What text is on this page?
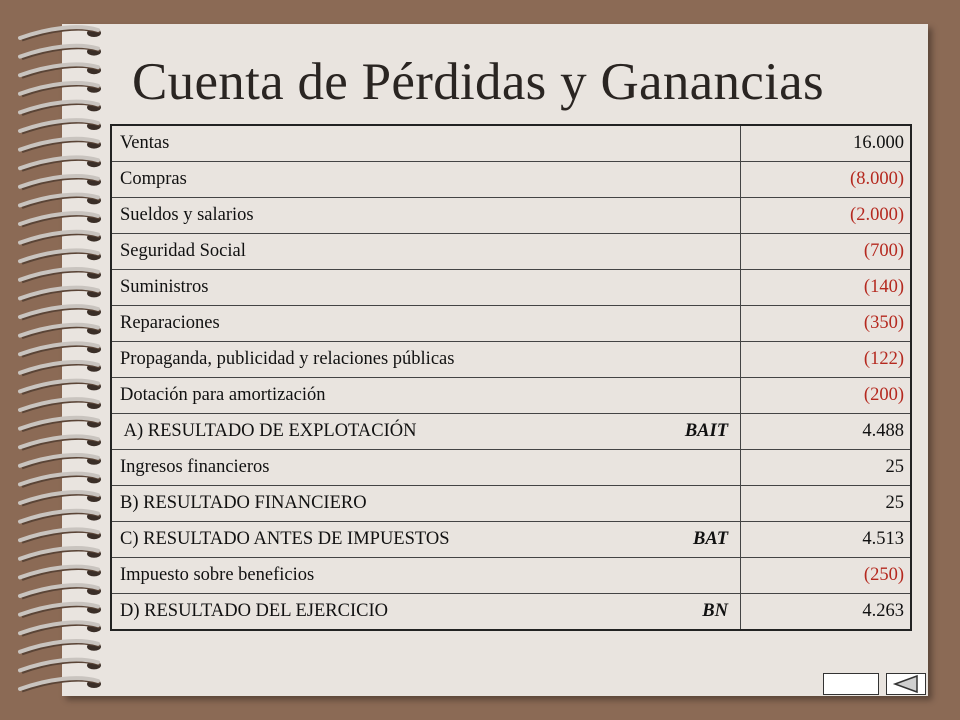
Cuenta de Pérdidas y Ganancias
Ventas	16.000
Compras	(8.000)
Sueldos y salarios	(2.000)
Seguridad Social	(700)
Suministros	(140)
Reparaciones	(350)
Propaganda, publicidad y relaciones públicas	(122)
Dotación para amortización	(200)
A) RESULTADO DE EXPLOTACIÓN BAIT	4.488
Ingresos financieros	25
B) RESULTADO FINANCIERO	25
C) RESULTADO ANTES DE IMPUESTOS BAT	4.513
Impuesto sobre beneficios	(250)
D) RESULTADO DEL EJERCICIO BN	4.263
